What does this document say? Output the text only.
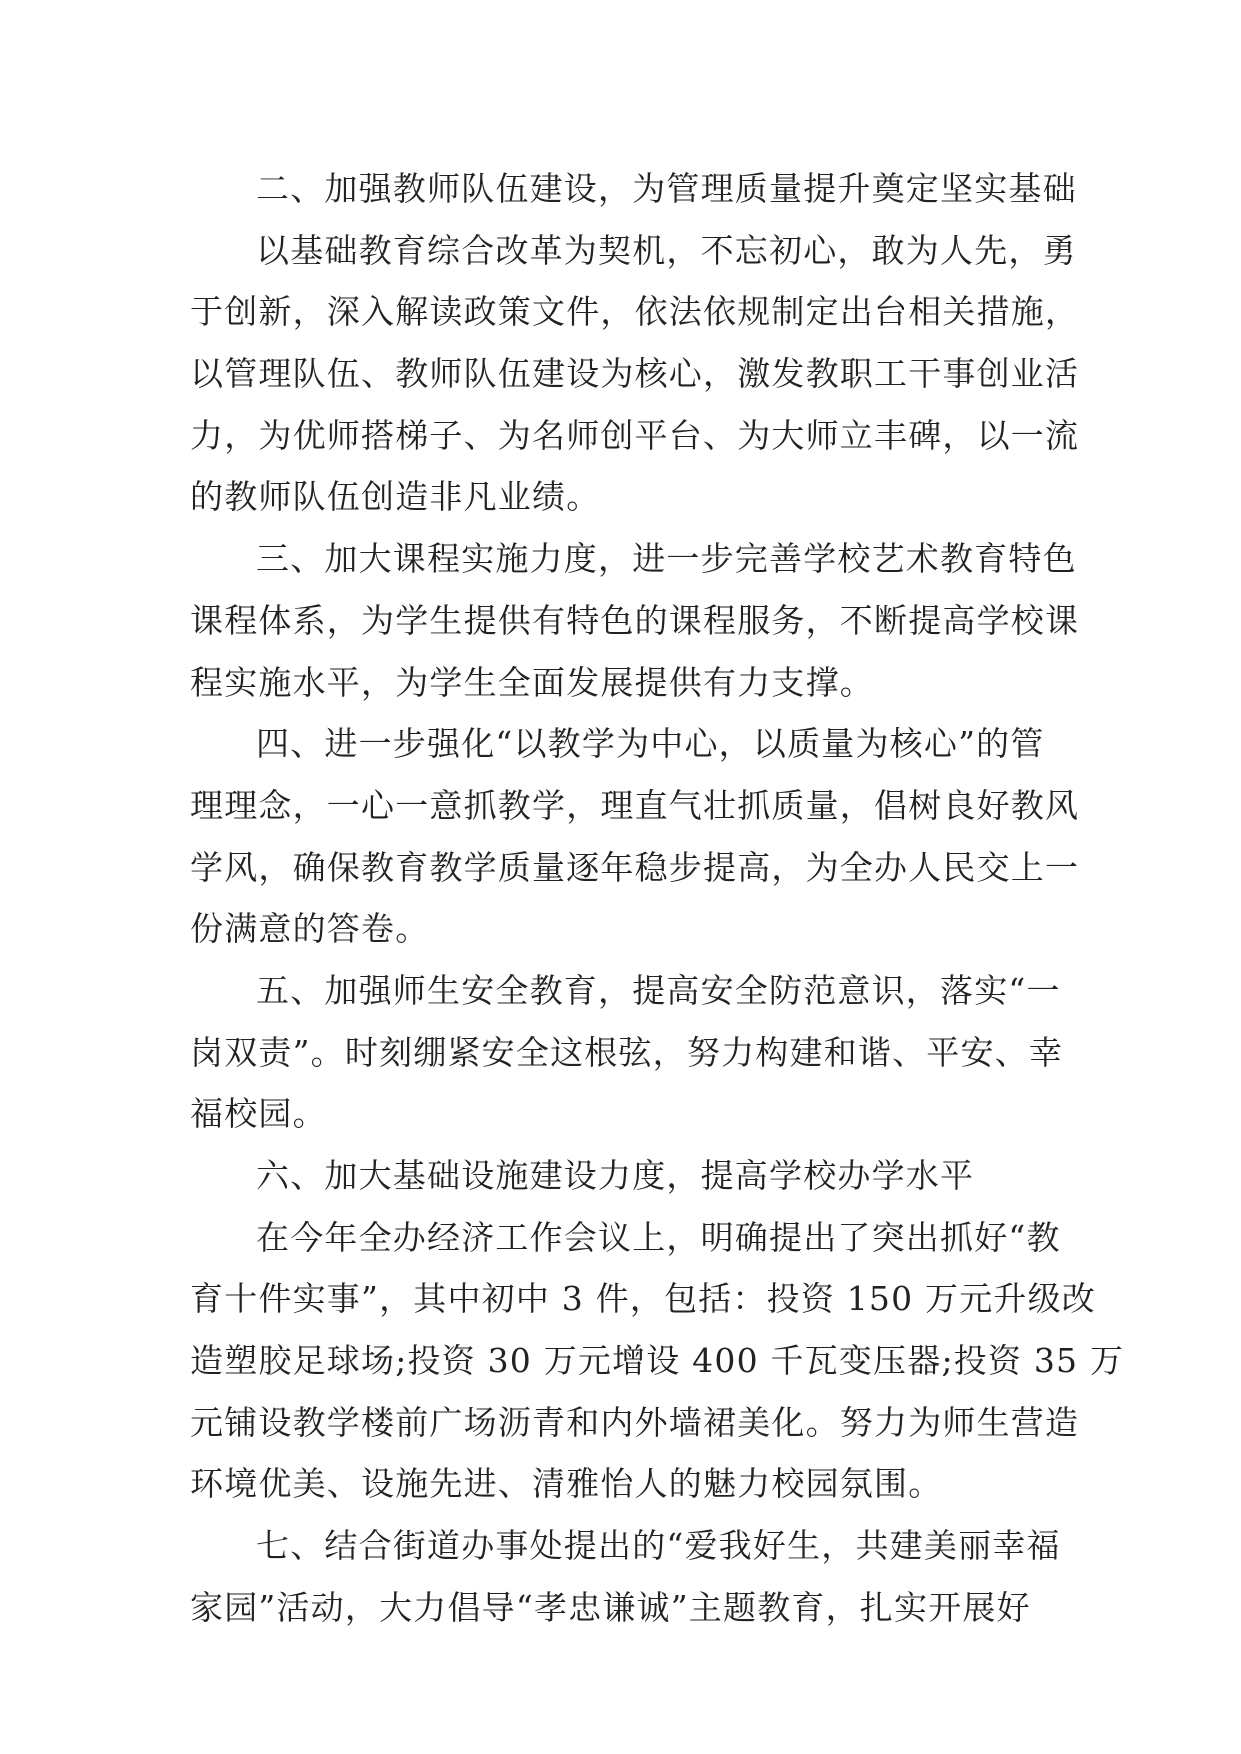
二、加强教师队伍建设，为管理质量提升奠定坚实基础
以基础教育综合改革为契机，不忘初心，敢为人先，勇
于创新，深入解读政策文件，依法依规制定出台相关措施，
以管理队伍、教师队伍建设为核心，激发教职工干事创业活
力，为优师搭梯子、为名师创平台、为大师立丰碑，以一流
的教师队伍创造非凡业绩。
三、加大课程实施力度，进一步完善学校艺术教育特色
课程体系，为学生提供有特色的课程服务，不断提高学校课
程实施水平，为学生全面发展提供有力支撑。
四、进一步强化“以教学为中心，以质量为核心”的管
理理念，一心一意抓教学，理直气壮抓质量，倡树良好教风
学风，确保教育教学质量逐年稳步提高，为全办人民交上一
份满意的答卷。
五、加强师生安全教育，提高安全防范意识，落实“一
岗双责”。时刻绷紧安全这根弦，努力构建和谐、平安、幸
福校园。
六、加大基础设施建设力度，提高学校办学水平
在今年全办经济工作会议上，明确提出了突出抓好“教
育十件实事”，其中初中 3 件，包括：投资 150 万元升级改
造塑胶足球场;投资 30 万元增设 400 千瓦变压器;投资 35 万
元铺设教学楼前广场沥青和内外墙裙美化。努力为师生营造
环境优美、设施先进、清雅怡人的魅力校园氛围。
七、结合街道办事处提出的“爱我好生，共建美丽幸福
家园”活动，大力倡导“孝忠谦诚”主题教育，扎实开展好
